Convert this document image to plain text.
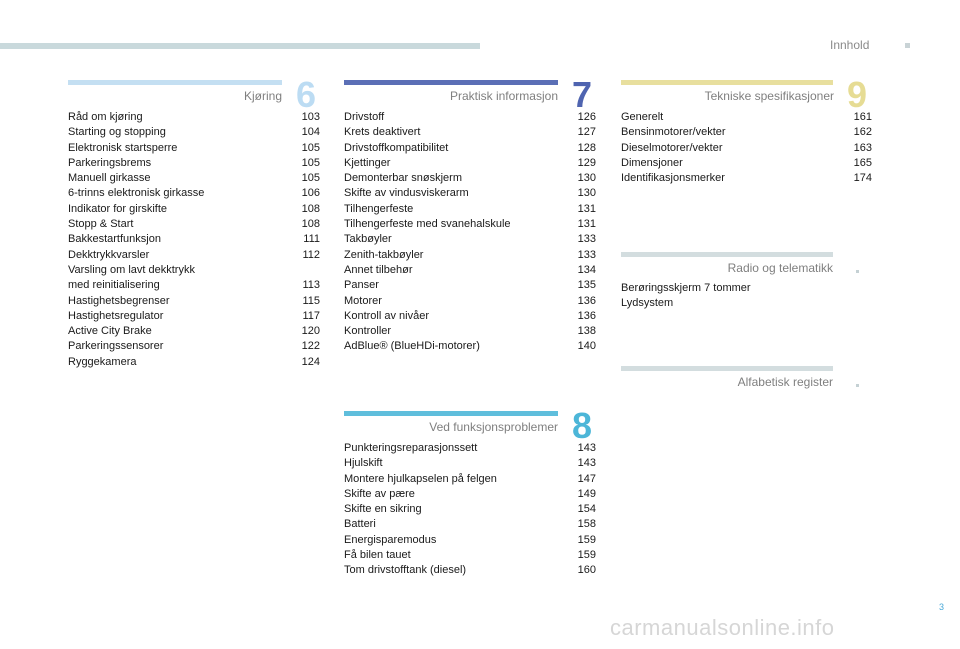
Innhold
Kjøring 6
Råd om kjøring	103
Starting og stopping	104
Elektronisk startsperre	105
Parkeringsbrems	105
Manuell girkasse	105
6-trinns elektronisk girkasse	106
Indikator for girskifte	108
Stopp & Start	108
Bakkestartfunksjon	111
Dekktrykkvarsler	112
Varsling om lavt dekktrykk
med reinitialisering	113
Hastighetsbegrenser	115
Hastighetsregulator	117
Active City Brake	120
Parkeringssensorer	122
Ryggekamera	124
Praktisk informasjon 7
Drivstoff	126
Krets deaktivert	127
Drivstoffkompatibilitet	128
Kjettinger	129
Demonterbar snøskjerm	130
Skifte av vindusviskerarm	130
Tilhengerfeste	131
Tilhengerfeste med svanehalskule	131
Takbøyler	133
Zenith-takbøyler	133
Annet tilbehør	134
Panser	135
Motorer	136
Kontroll av nivåer	136
Kontroller	138
AdBlue® (BlueHDi-motorer)	140
Ved funksjonsproblemer 8
Punkteringsreparasjonssett	143
Hjulskift	143
Montere hjulkapselen på felgen	147
Skifte av pære	149
Skifte en sikring	154
Batteri	158
Energisparemodus	159
Få bilen tauet	159
Tom drivstofftank (diesel)	160
Tekniske spesifikasjoner 9
Generelt	161
Bensinmotorer/vekter	162
Dieselmotorer/vekter	163
Dimensjoner	165
Identifikasjonsmerker	174
Radio og telematikk
Berøringsskjerm 7 tommer
Lydsystem
Alfabetisk register
3
carmanualsonline.info
